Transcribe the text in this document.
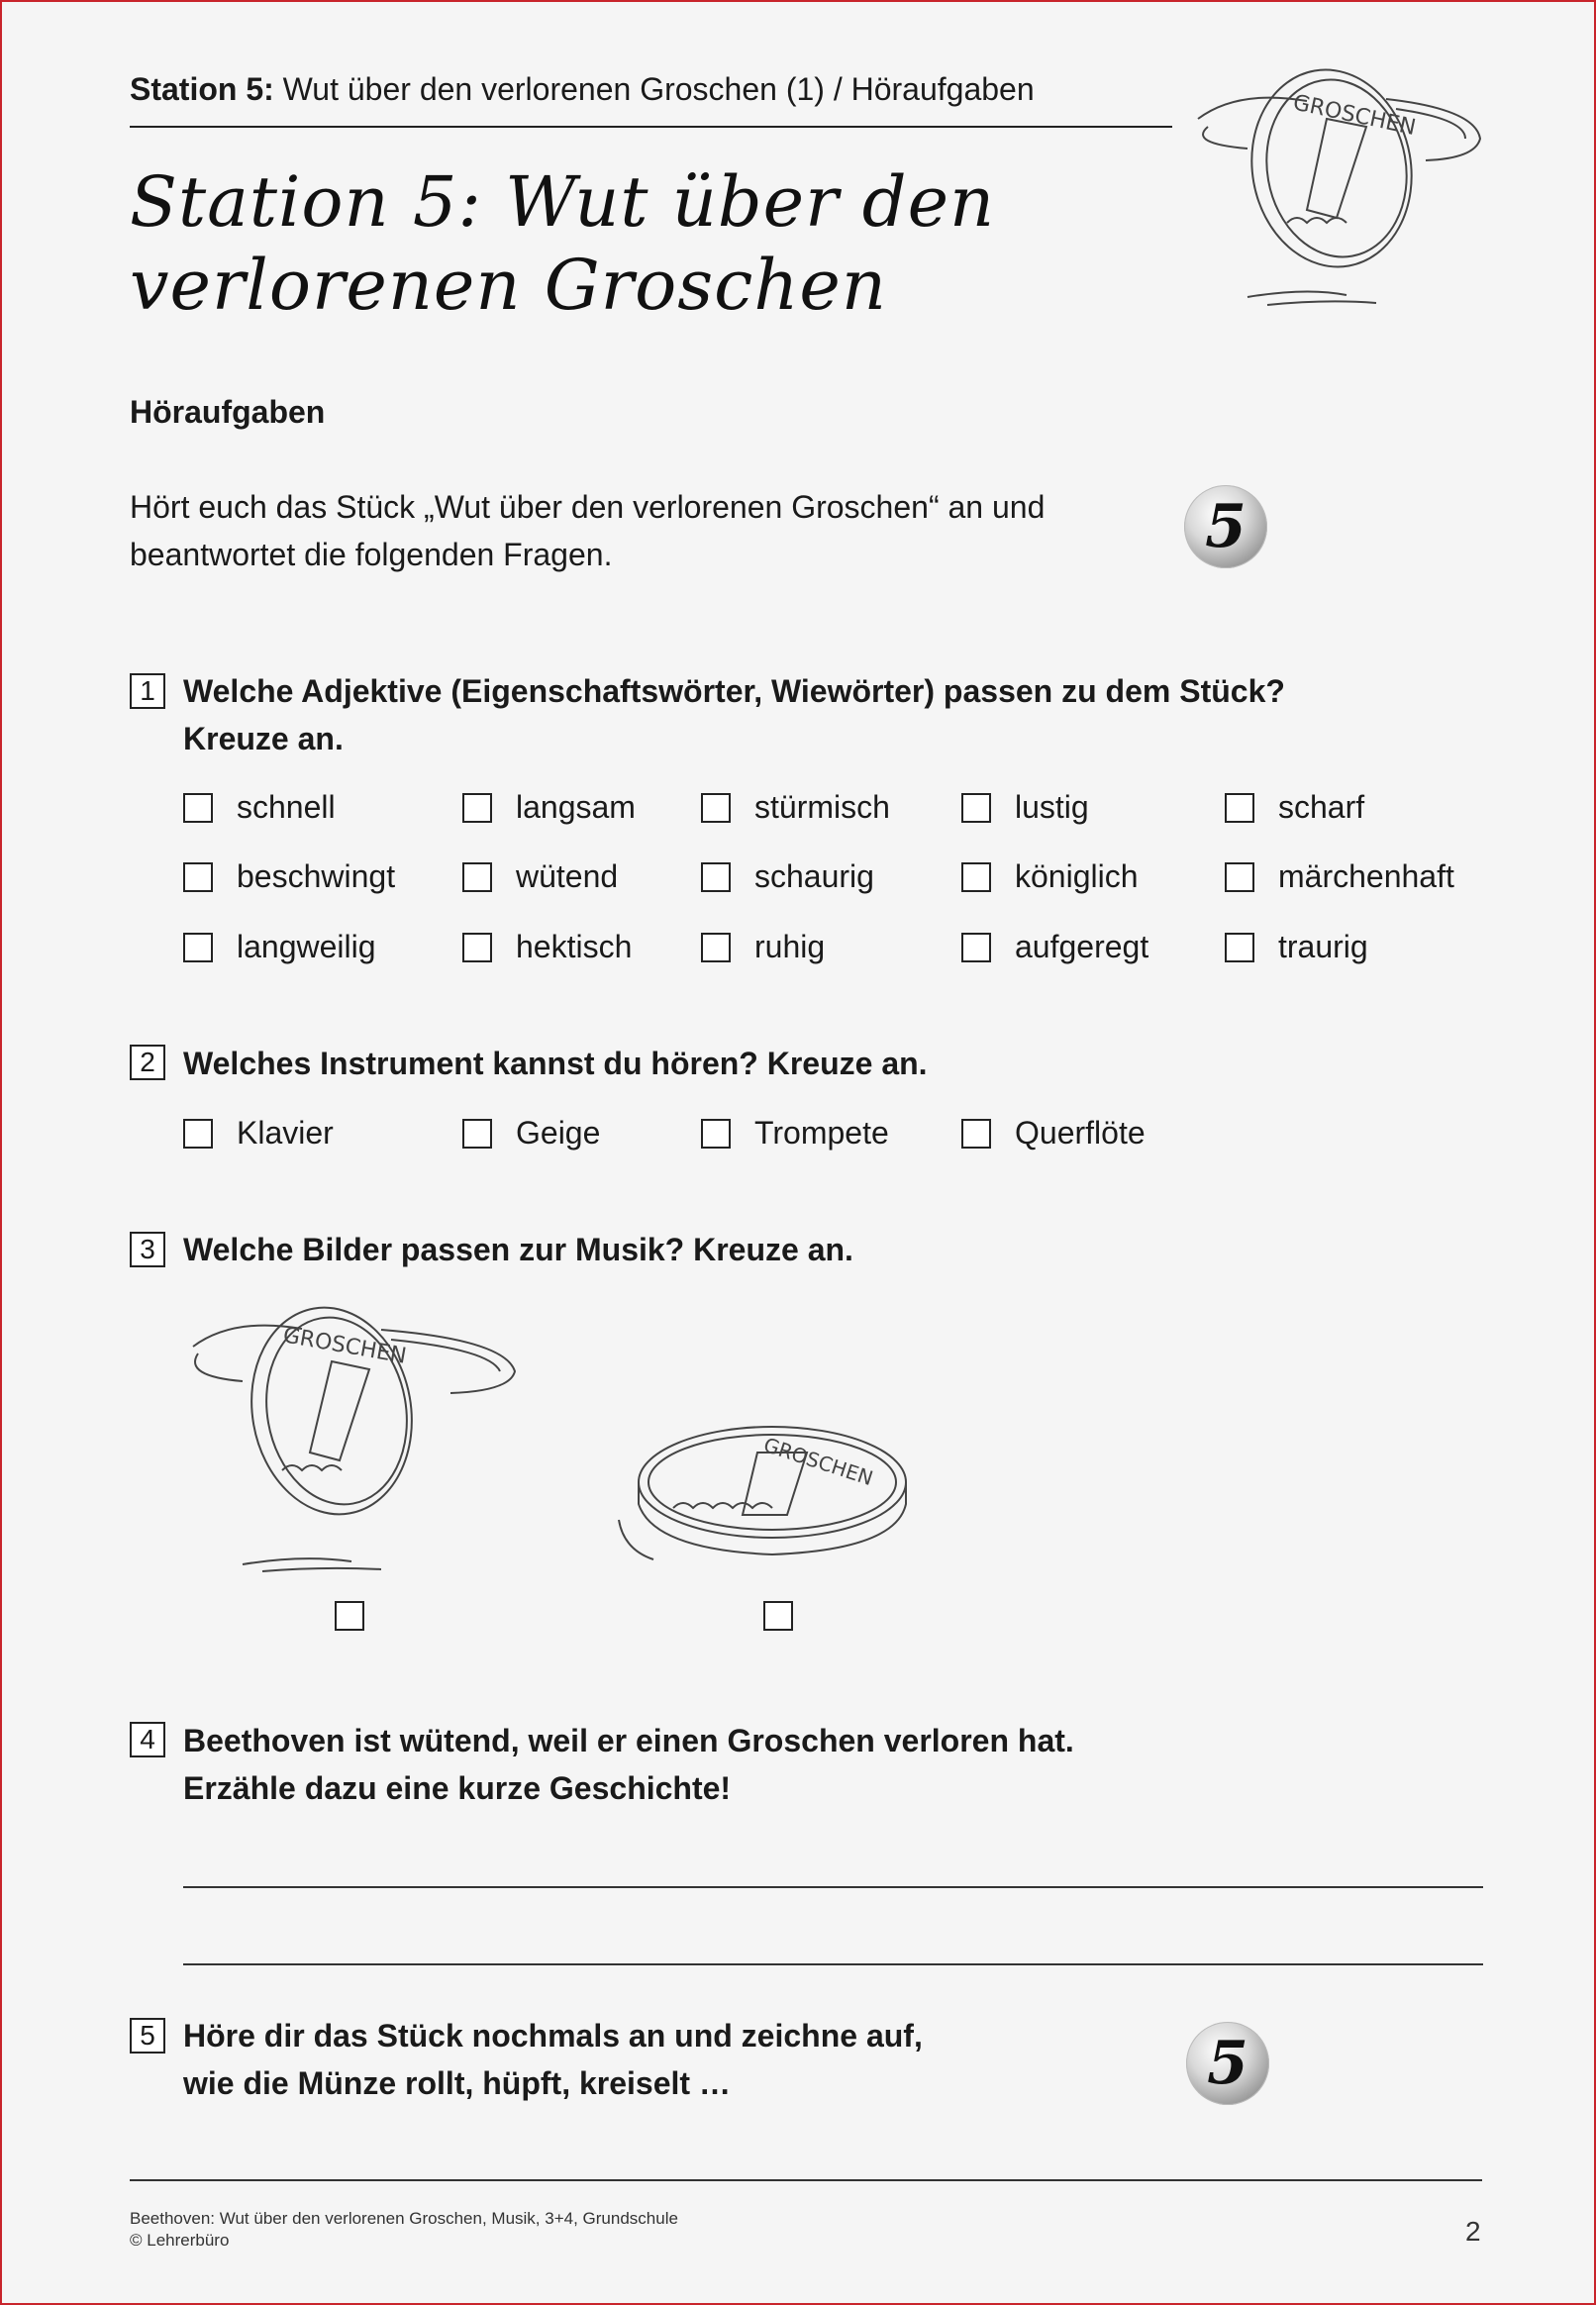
Station 5: Wut über den verlorenen Groschen (1) / Höraufgaben
GROSCHEN
Station 5: Wut über den
verlorenen Groschen
Höraufgaben
Hört euch das Stück „Wut über den verlorenen Groschen“ an und
beantwortet die folgenden Fragen.	5
1 Welche Adjektive (Eigenschaftswörter, Wiewörter) passen zu dem Stück?
Kreuze an.
schnell	langsam	stürmisch	lustig	scharf
beschwingt	wütend	schaurig	königlich	märchenhaft
langweilig	hektisch	ruhig	aufgeregt	traurig
2 Welches Instrument kannst du hören? Kreuze an.
Klavier	Geige	Trompete	Querflöte
3 Welche Bilder passen zur Musik? Kreuze an.
GROSCHEN
GROSCHEN
4 Beethoven ist wütend, weil er einen Groschen verloren hat.
Erzähle dazu eine kurze Geschichte!
5 Höre dir das Stück nochmals an und zeichne auf,
wie die Münze rollt, hüpft, kreiselt …	5
Beethoven: Wut über den verlorenen Groschen, Musik, 3+4, Grundschule
© Lehrerbüro	2
